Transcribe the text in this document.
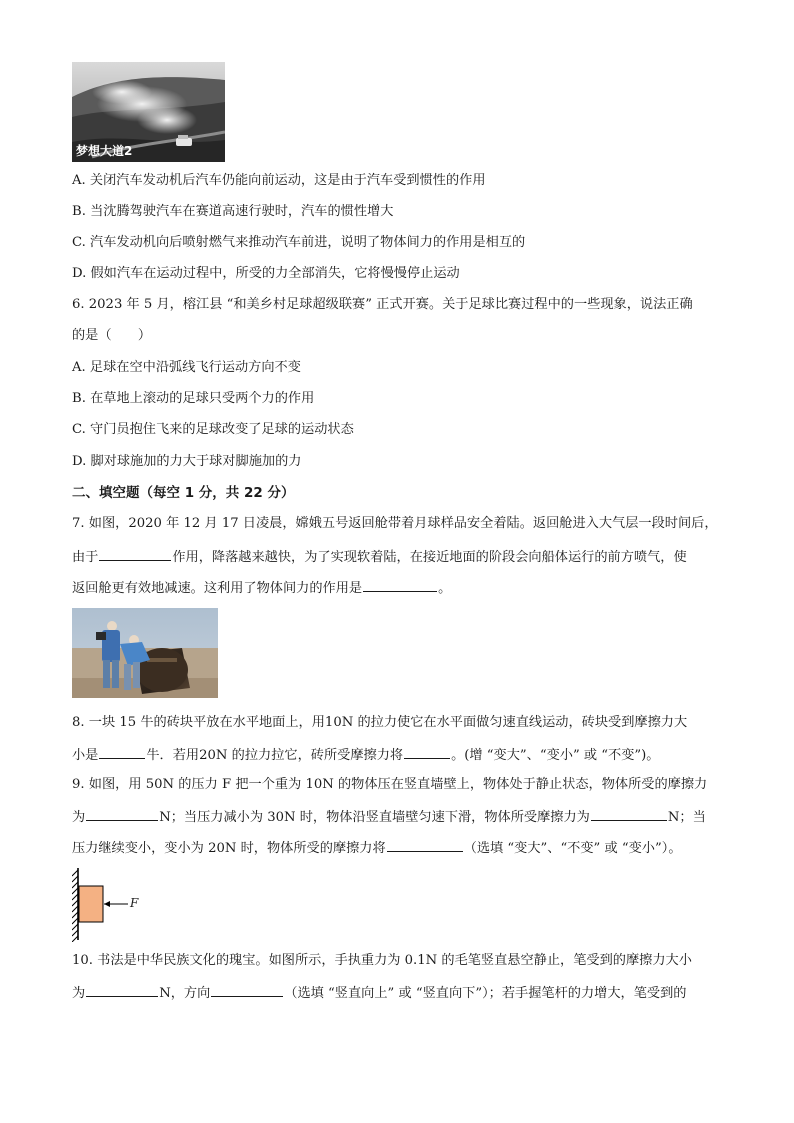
梦想大道2
A. 关闭汽车发动机后汽车仍能向前运动，这是由于汽车受到惯性的作用
B. 当沈腾驾驶汽车在赛道高速行驶时，汽车的惯性增大
C. 汽车发动机向后喷射燃气来推动汽车前进，说明了物体间力的作用是相互的
D. 假如汽车在运动过程中，所受的力全部消失，它将慢慢停止运动
6. 2023 年 5 月，榕江县 “和美乡村足球超级联赛” 正式开赛。关于足球比赛过程中的一些现象，说法正确
的是（　　）
A. 足球在空中沿弧线飞行运动方向不变
B. 在草地上滚动的足球只受两个力的作用
C. 守门员抱住飞来的足球改变了足球的运动状态
D. 脚对球施加的力大于球对脚施加的力
二、填空题（每空 1 分，共 22 分）
7. 如图，2020 年 12 月 17 日凌晨，嫦娥五号返回舱带着月球样品安全着陆。返回舱进入大气层一段时间后，
由于	作用，降落越来越快，为了实现软着陆，在接近地面的阶段会向船体运行的前方喷气，使
返回舱更有效地减速。这利用了物体间力的作用是	。
8. 一块 15 牛的砖块平放在水平地面上，用10N 的拉力使它在水平面做匀速直线运动，砖块受到摩擦力大
小是	牛．若用20N 的拉力拉它，砖所受摩擦力将	。(增 “变大”、“变小” 或 “不变”)。
9. 如图，用 50N 的压力 F 把一个重为 10N 的物体压在竖直墙壁上，物体处于静止状态，物体所受的摩擦力
为	N；当压力减小为 30N 时，物体沿竖直墙壁匀速下滑，物体所受摩擦力为	N；当
压力继续变小，变小为 20N 时，物体所受的摩擦力将	（选填 “变大”、“不变” 或 “变小”）。
F
10. 书法是中华民族文化的瑰宝。如图所示，手执重力为 0.1N 的毛笔竖直悬空静止，笔受到的摩擦力大小
为	N，方向	（选填 “竖直向上” 或 “竖直向下”）；若手握笔杆的力增大，笔受到的
